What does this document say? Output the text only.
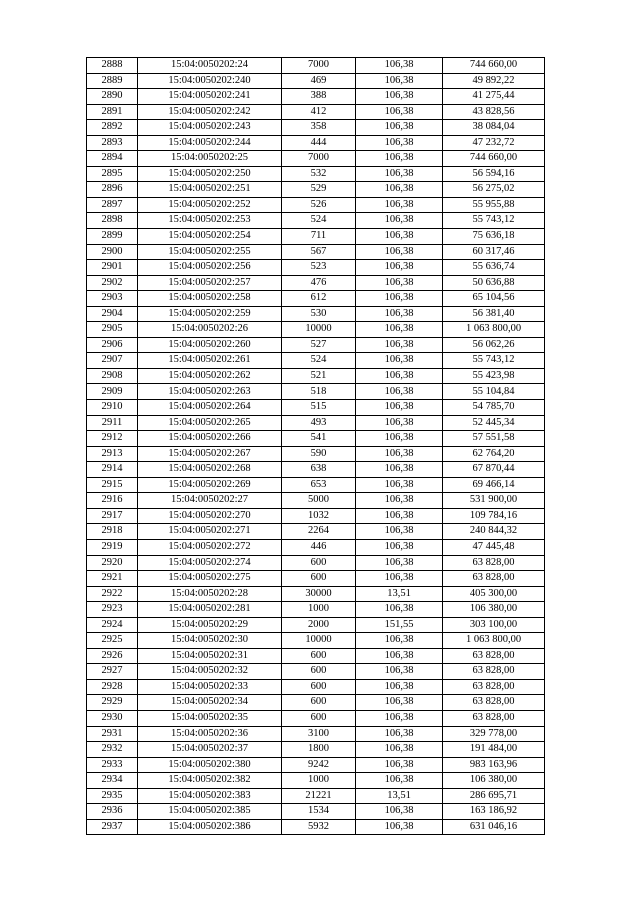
2888	15:04:0050202:24	7000	106,38	744 660,00
2889	15:04:0050202:240	469	106,38	49 892,22
2890	15:04:0050202:241	388	106,38	41 275,44
2891	15:04:0050202:242	412	106,38	43 828,56
2892	15:04:0050202:243	358	106,38	38 084,04
2893	15:04:0050202:244	444	106,38	47 232,72
2894	15:04:0050202:25	7000	106,38	744 660,00
2895	15:04:0050202:250	532	106,38	56 594,16
2896	15:04:0050202:251	529	106,38	56 275,02
2897	15:04:0050202:252	526	106,38	55 955,88
2898	15:04:0050202:253	524	106,38	55 743,12
2899	15:04:0050202:254	711	106,38	75 636,18
2900	15:04:0050202:255	567	106,38	60 317,46
2901	15:04:0050202:256	523	106,38	55 636,74
2902	15:04:0050202:257	476	106,38	50 636,88
2903	15:04:0050202:258	612	106,38	65 104,56
2904	15:04:0050202:259	530	106,38	56 381,40
2905	15:04:0050202:26	10000	106,38	1 063 800,00
2906	15:04:0050202:260	527	106,38	56 062,26
2907	15:04:0050202:261	524	106,38	55 743,12
2908	15:04:0050202:262	521	106,38	55 423,98
2909	15:04:0050202:263	518	106,38	55 104,84
2910	15:04:0050202:264	515	106,38	54 785,70
2911	15:04:0050202:265	493	106,38	52 445,34
2912	15:04:0050202:266	541	106,38	57 551,58
2913	15:04:0050202:267	590	106,38	62 764,20
2914	15:04:0050202:268	638	106,38	67 870,44
2915	15:04:0050202:269	653	106,38	69 466,14
2916	15:04:0050202:27	5000	106,38	531 900,00
2917	15:04:0050202:270	1032	106,38	109 784,16
2918	15:04:0050202:271	2264	106,38	240 844,32
2919	15:04:0050202:272	446	106,38	47 445,48
2920	15:04:0050202:274	600	106,38	63 828,00
2921	15:04:0050202:275	600	106,38	63 828,00
2922	15:04:0050202:28	30000	13,51	405 300,00
2923	15:04:0050202:281	1000	106,38	106 380,00
2924	15:04:0050202:29	2000	151,55	303 100,00
2925	15:04:0050202:30	10000	106,38	1 063 800,00
2926	15:04:0050202:31	600	106,38	63 828,00
2927	15:04:0050202:32	600	106,38	63 828,00
2928	15:04:0050202:33	600	106,38	63 828,00
2929	15:04:0050202:34	600	106,38	63 828,00
2930	15:04:0050202:35	600	106,38	63 828,00
2931	15:04:0050202:36	3100	106,38	329 778,00
2932	15:04:0050202:37	1800	106,38	191 484,00
2933	15:04:0050202:380	9242	106,38	983 163,96
2934	15:04:0050202:382	1000	106,38	106 380,00
2935	15:04:0050202:383	21221	13,51	286 695,71
2936	15:04:0050202:385	1534	106,38	163 186,92
2937	15:04:0050202:386	5932	106,38	631 046,16
